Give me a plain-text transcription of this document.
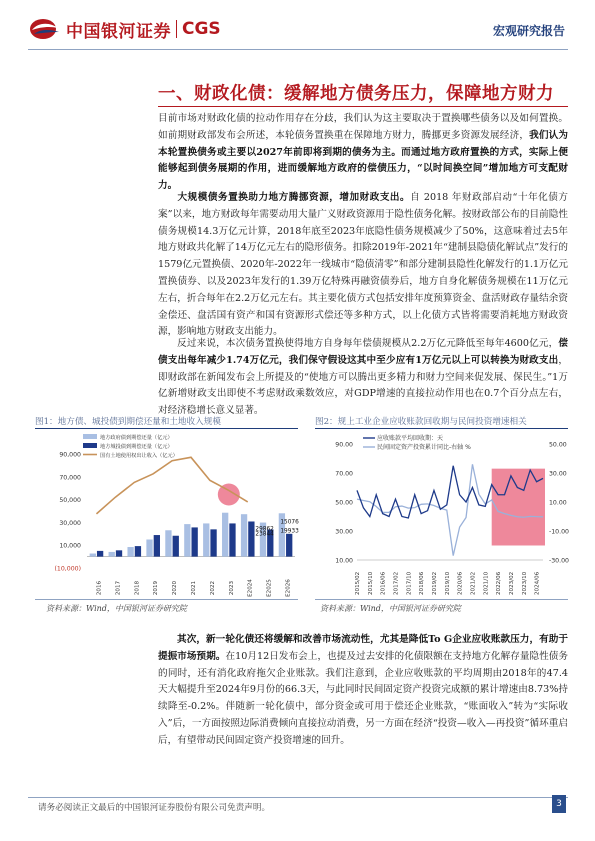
中国银河证券 CGS	宏观研究报告
一、财政化债：缓解地方债务压力，保障地方财力
目前市场对财政化债的拉动作用存在分歧，我们认为这主要取决于置换哪些债务以及如何置换。如前期财政部发布会所述，本轮债务置换重在保障地方财力，腾挪更多资源发展经济，我们认为本轮置换债务或主要以2027年前即将到期的债务为主。而通过地方政府置换的方式，实际上便能够起到债务展期的作用，进而缓解地方政府的偿债压力，“以时间换空间”增加地方可支配财力。
大规模债务置换助力地方腾挪资源，增加财政支出。自 2018 年财政部启动“十年化债方案”以来，地方财政每年需要动用大量广义财政资源用于隐性债务化解。按财政部公布的目前隐性债务规模14.3万亿元计算，2018年底至2023年底隐性债务规模减少了50%，这意味着过去5年地方财政共化解了14万亿元左右的隐形债务。扣除2019年-2021年“建制县隐债化解试点”发行的1579亿元置换债、2020年-2022年一线城市“隐债清零”和部分建制县隐性化解发行的1.1万亿元置换债券、以及2023年发行的1.39万亿特殊再融资债券后，地方自身化解债务规模在11万亿元左右，折合每年在2.2万亿元左右。其主要化债方式包括安排年度预算资金、盘活财政存量结余资金偿还、盘活国有资产和国有资源形式偿还等多种方式，以上化债方式皆将需要消耗地方财政资源，影响地方财政支出能力。
反过来说，本次债务置换使得地方自身每年偿债规模从2.2万亿元降低至每年4600亿元，偿债支出每年减少1.74万亿元，我们保守假设这其中至少应有1万亿元以上可以转换为财政支出，即财政部在新闻发布会上所提及的“使地方可以腾出更多精力和财力空间来促发展、保民生。”1万亿新增财政支出即使不考虑财政乘数效应，对GDP增速的直接拉动作用也在0.7个百分点左右，对经济稳增长意义显著。
图1：地方债、城投债到期偿还量和土地收入规模
地方政府债到期偿还量（亿元）
地方城投债到期偿还量（亿元）
国有土地使用权出让收入（亿元）
(10,000)
10,000
30,000
50,000
70,000
90,000
2016 2017 2018 2019 2020 2021 2022 2023 E2024 E2025 E2026
29862
15076
23844 19933
资料来源：Wind，中国银河证券研究院
图2：规上工业企业应收账款回收期与民间投资增速相关
10.00
30.00
50.00
70.00
90.00
-30.00
-10.00
10.00
30.00
50.00
应收账款平均回收期：天
民间固定资产投资累计同比-右轴 %
2015/02 2015/10 2016/06 2017/02 2017/10 2018/06 2019/02 2019/10 2020/06 2021/02 2021/10 2022/06 2023/02 2023/10 2024/06
资料来源：Wind，中国银河证券研究院
其次，新一轮化债还将缓解和改善市场流动性，尤其是降低To G企业应收账款压力，有助于提振市场预期。在10月12日发布会上，也提及过去安排的化债限额在支持地方化解存量隐性债务的同时，还有消化政府拖欠企业账款。我们注意到，企业应收账款的平均周期由2018年的47.4天大幅提升至2024年9月份的66.3天，与此同时民间固定资产投资完成额的累计增速由8.73%持续降至-0.2%。伴随新一轮化债中，部分资金或可用于偿还企业账款，“账面收入”转为“实际收入”后，一方面按照边际消费倾向直接拉动消费，另一方面在经济“投资—收入—再投资”循环重启后，有望带动民间固定资产投资增速的回升。
请务必阅读正文最后的中国银河证券股份有限公司免责声明。	3
